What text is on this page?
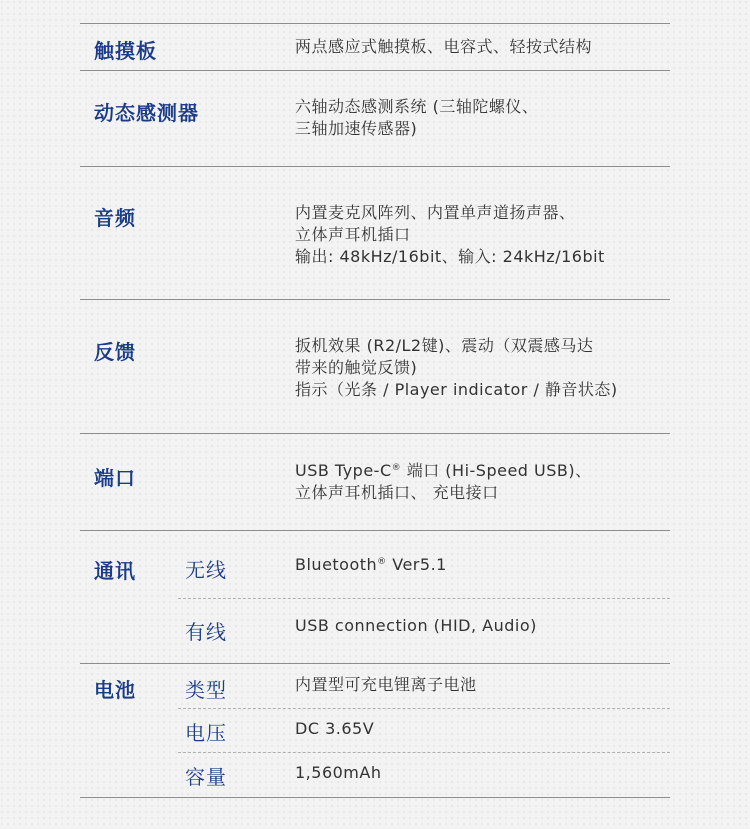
触摸板	两点感应式触摸板、电容式、轻按式结构
动态感测器	六轴动态感测系统 (三轴陀螺仪、
三轴加速传感器)
音频	内置麦克风阵列、内置单声道扬声器、
立体声耳机插口
输出: 48kHz/16bit、输入: 24kHz/16bit
反馈	扳机效果 (R2/L2键)、震动（双震感马达
带来的触觉反馈)
指示（光条 / Player indicator / 静音状态)
端口	USB Type-C® 端口 (Hi-Speed USB)、
立体声耳机插口、 充电接口
通讯 无线	Bluetooth® Ver5.1
有线	USB connection (HID, Audio)
电池 类型	内置型可充电锂离子电池
电压	DC 3.65V
容量	1,560mAh
